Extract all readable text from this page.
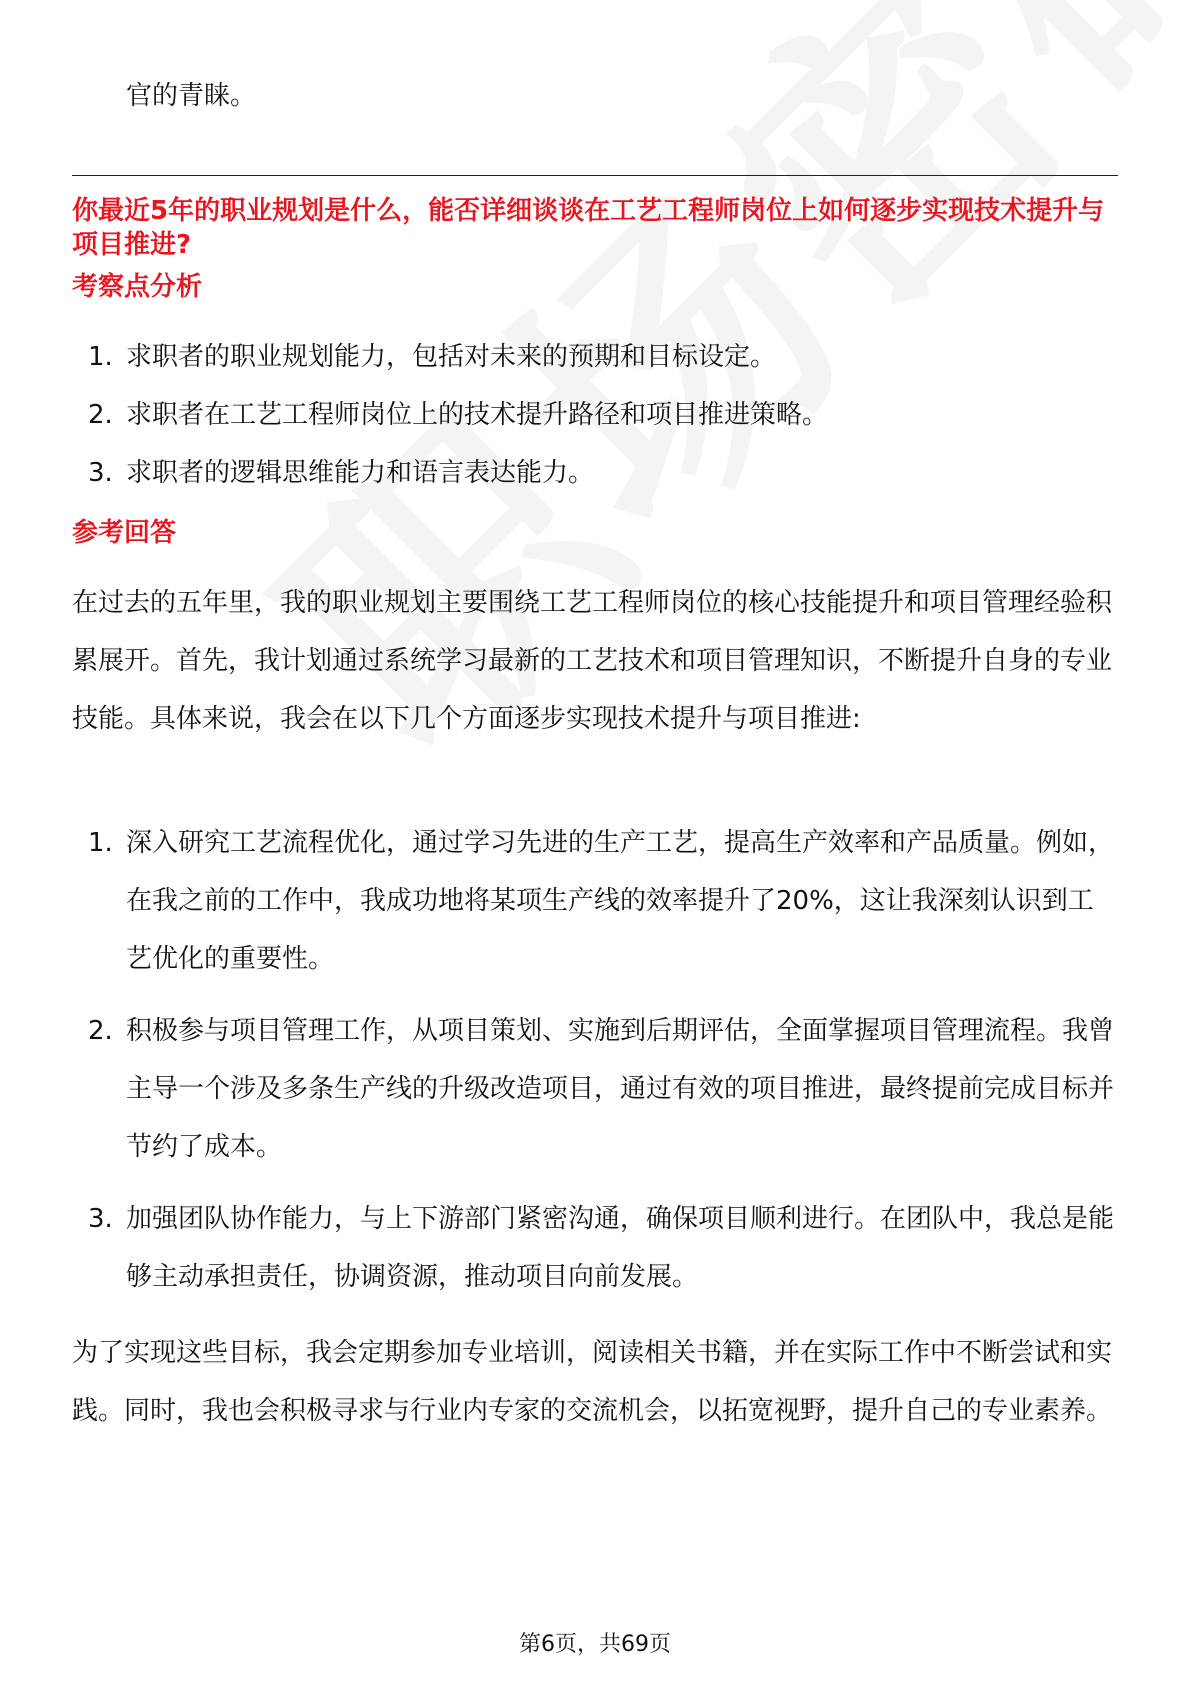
官的青睐。
你最近5年的职业规划是什么，能否详细谈谈在工艺工程师岗位上如何逐步实现技术提升与项目推进?
考察点分析
1. 求职者的职业规划能力，包括对未来的预期和目标设定。
2. 求职者在工艺工程师岗位上的技术提升路径和项目推进策略。
3. 求职者的逻辑思维能力和语言表达能力。
参考回答

在过去的五年里，我的职业规划主要围绕工艺工程师岗位的核心技能提升和项目管理经验积累展开。首先，我计划通过系统学习最新的工艺技术和项目管理知识，不断提升自身的专业技能。具体来说，我会在以下几个方面逐步实现技术提升与项目推进:

1. 深入研究工艺流程优化，通过学习先进的生产工艺，提高生产效率和产品质量。例如，在我之前的工作中，我成功地将某项生产线的效率提升了20%，这让我深刻认识到工艺优化的重要性。
2. 积极参与项目管理工作，从项目策划、实施到后期评估，全面掌握项目管理流程。我曾主导一个涉及多条生产线的升级改造项目，通过有效的项目推进，最终提前完成目标并节约了成本。
3. 加强团队协作能力，与上下游部门紧密沟通，确保项目顺利进行。在团队中，我总是能够主动承担责任，协调资源，推动项目向前发展。

为了实现这些目标，我会定期参加专业培训，阅读相关书籍，并在实际工作中不断尝试和实践。同时，我也会积极寻求与行业内专家的交流机会，以拓宽视野，提升自己的专业素养。

第6页，共69页
